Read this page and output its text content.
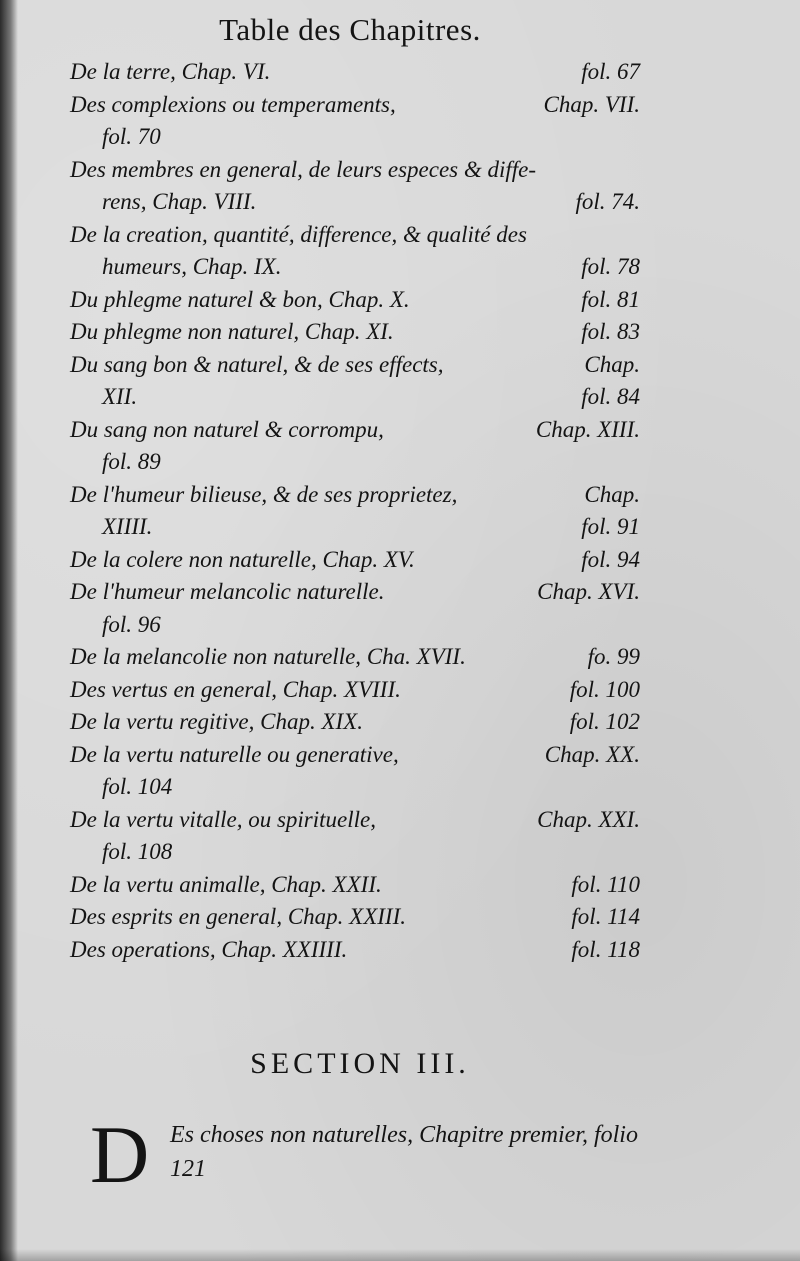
Table des Chapitres.
De la terre, Chap. VI.	fol. 67
Des complexions ou temperaments,	Chap. VII.
fol. 70
Des membres en general, de leurs especes & diffe-
rens, Chap. VIII.	fol. 74.
De la creation, quantité, difference, & qualité des
humeurs, Chap. IX.	fol. 78
Du phlegme naturel & bon, Chap. X.	fol. 81
Du phlegme non naturel, Chap. XI.	fol. 83
Du sang bon & naturel, & de ses effects,	Chap.
XII.	fol. 84
Du sang non naturel & corrompu,	Chap. XIII.
fol. 89
De l'humeur bilieuse, & de ses proprietez,	Chap.
XIIII.	fol. 91
De la colere non naturelle, Chap. XV.	fol. 94
De l'humeur melancolic naturelle.	Chap. XVI.
fol. 96
De la melancolie non naturelle, Cha. XVII.	fo. 99
Des vertus en general, Chap. XVIII.	fol. 100
De la vertu regitive, Chap. XIX.	fol. 102
De la vertu naturelle ou generative,	Chap. XX.
fol. 104
De la vertu vitalle, ou spirituelle,	Chap. XXI.
fol. 108
De la vertu animalle, Chap. XXII.	fol. 110
Des esprits en general, Chap. XXIII.	fol. 114
Des operations, Chap. XXIIII.	fol. 118
SECTION III.
D Es choses non naturelles, Chapitre premier, folio 121
